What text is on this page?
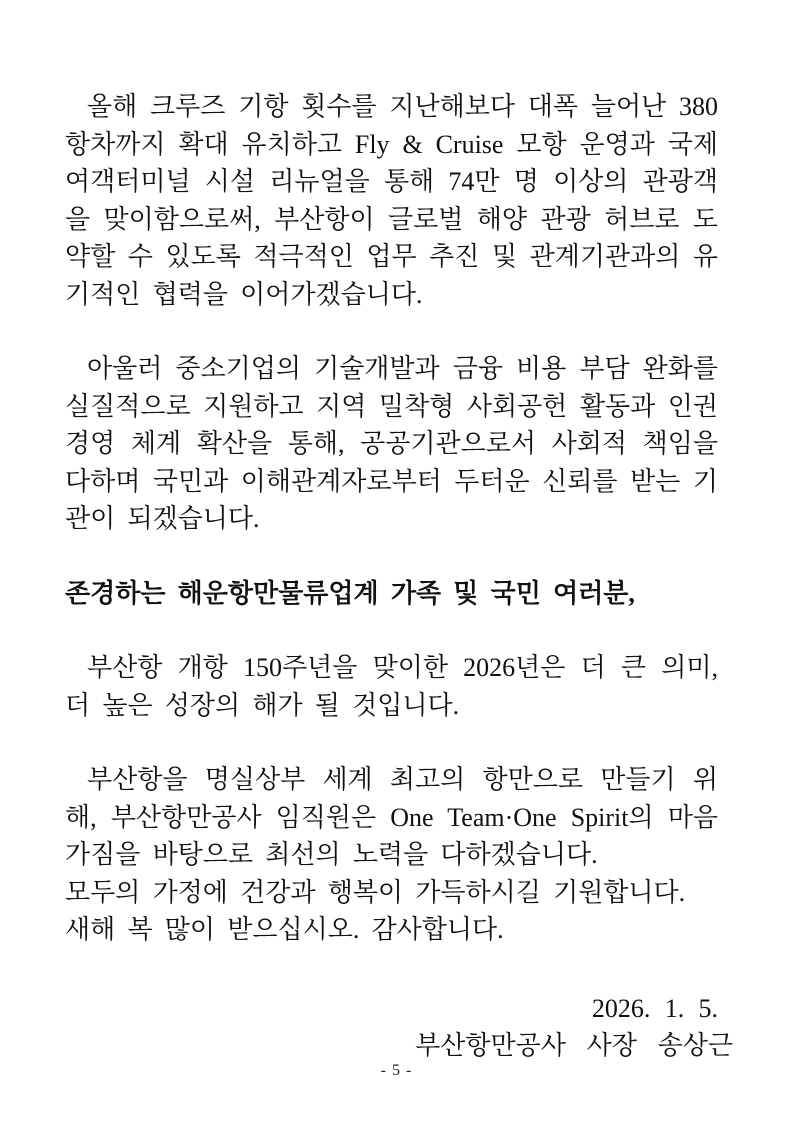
올해 크루즈 기항 횟수를 지난해보다 대폭 늘어난 380항차까지 확대 유치하고 Fly & Cruise 모항 운영과 국제여객터미널 시설 리뉴얼을 통해 74만 명 이상의 관광객을 맞이함으로써, 부산항이 글로벌 해양 관광 허브로 도약할 수 있도록 적극적인 업무 추진 및 관계기관과의 유기적인 협력을 이어가겠습니다.

아울러 중소기업의 기술개발과 금융 비용 부담 완화를 실질적으로 지원하고 지역 밀착형 사회공헌 활동과 인권경영 체계 확산을 통해, 공공기관으로서 사회적 책임을 다하며 국민과 이해관계자로부터 두터운 신뢰를 받는 기관이 되겠습니다.

존경하는 해운항만물류업계 가족 및 국민 여러분,

부산항 개항 150주년을 맞이한 2026년은 더 큰 의미, 더 높은 성장의 해가 될 것입니다.

부산항을 명실상부 세계 최고의 항만으로 만들기 위해, 부산항만공사 임직원은 One Team·One Spirit의 마음가짐을 바탕으로 최선의 노력을 다하겠습니다.

모두의 가정에 건강과 행복이 가득하시길 기원합니다.

새해 복 많이 받으십시오. 감사합니다.

2026. 1. 5.

부산항만공사 사장 송상근

- 5 -
